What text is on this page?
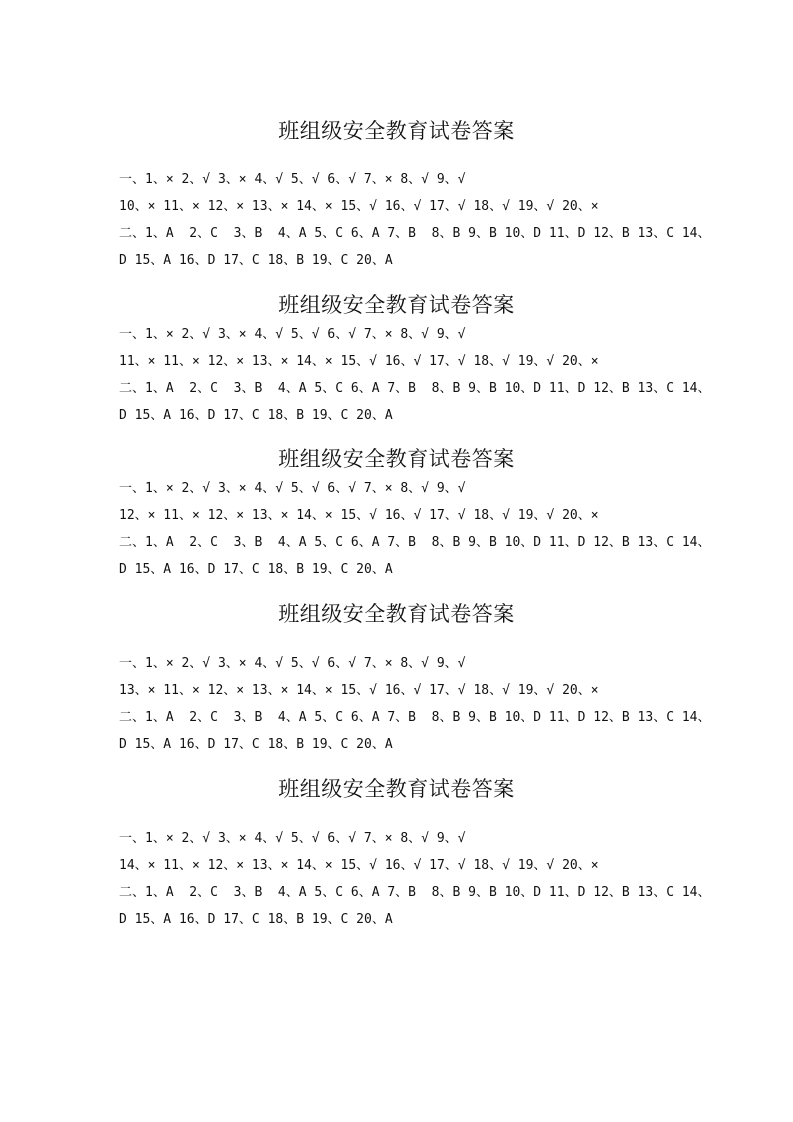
班组级安全教育试卷答案
一、1、× 2、√ 3、× 4、√ 5、√ 6、√ 7、× 8、√ 9、√
10、× 11、× 12、× 13、× 14、× 15、√ 16、√ 17、√ 18、√ 19、√ 20、×
二、1、A  2、C  3、B  4、A 5、C 6、A 7、B  8、B 9、B 10、D 11、D 12、B 13、C 14、
D 15、A 16、D 17、C 18、B 19、C 20、A
班组级安全教育试卷答案
一、1、× 2、√ 3、× 4、√ 5、√ 6、√ 7、× 8、√ 9、√
11、× 11、× 12、× 13、× 14、× 15、√ 16、√ 17、√ 18、√ 19、√ 20、×
二、1、A  2、C  3、B  4、A 5、C 6、A 7、B  8、B 9、B 10、D 11、D 12、B 13、C 14、
D 15、A 16、D 17、C 18、B 19、C 20、A
班组级安全教育试卷答案
一、1、× 2、√ 3、× 4、√ 5、√ 6、√ 7、× 8、√ 9、√
12、× 11、× 12、× 13、× 14、× 15、√ 16、√ 17、√ 18、√ 19、√ 20、×
二、1、A  2、C  3、B  4、A 5、C 6、A 7、B  8、B 9、B 10、D 11、D 12、B 13、C 14、
D 15、A 16、D 17、C 18、B 19、C 20、A
班组级安全教育试卷答案
一、1、× 2、√ 3、× 4、√ 5、√ 6、√ 7、× 8、√ 9、√
13、× 11、× 12、× 13、× 14、× 15、√ 16、√ 17、√ 18、√ 19、√ 20、×
二、1、A  2、C  3、B  4、A 5、C 6、A 7、B  8、B 9、B 10、D 11、D 12、B 13、C 14、
D 15、A 16、D 17、C 18、B 19、C 20、A
班组级安全教育试卷答案
一、1、× 2、√ 3、× 4、√ 5、√ 6、√ 7、× 8、√ 9、√
14、× 11、× 12、× 13、× 14、× 15、√ 16、√ 17、√ 18、√ 19、√ 20、×
二、1、A  2、C  3、B  4、A 5、C 6、A 7、B  8、B 9、B 10、D 11、D 12、B 13、C 14、
D 15、A 16、D 17、C 18、B 19、C 20、A
